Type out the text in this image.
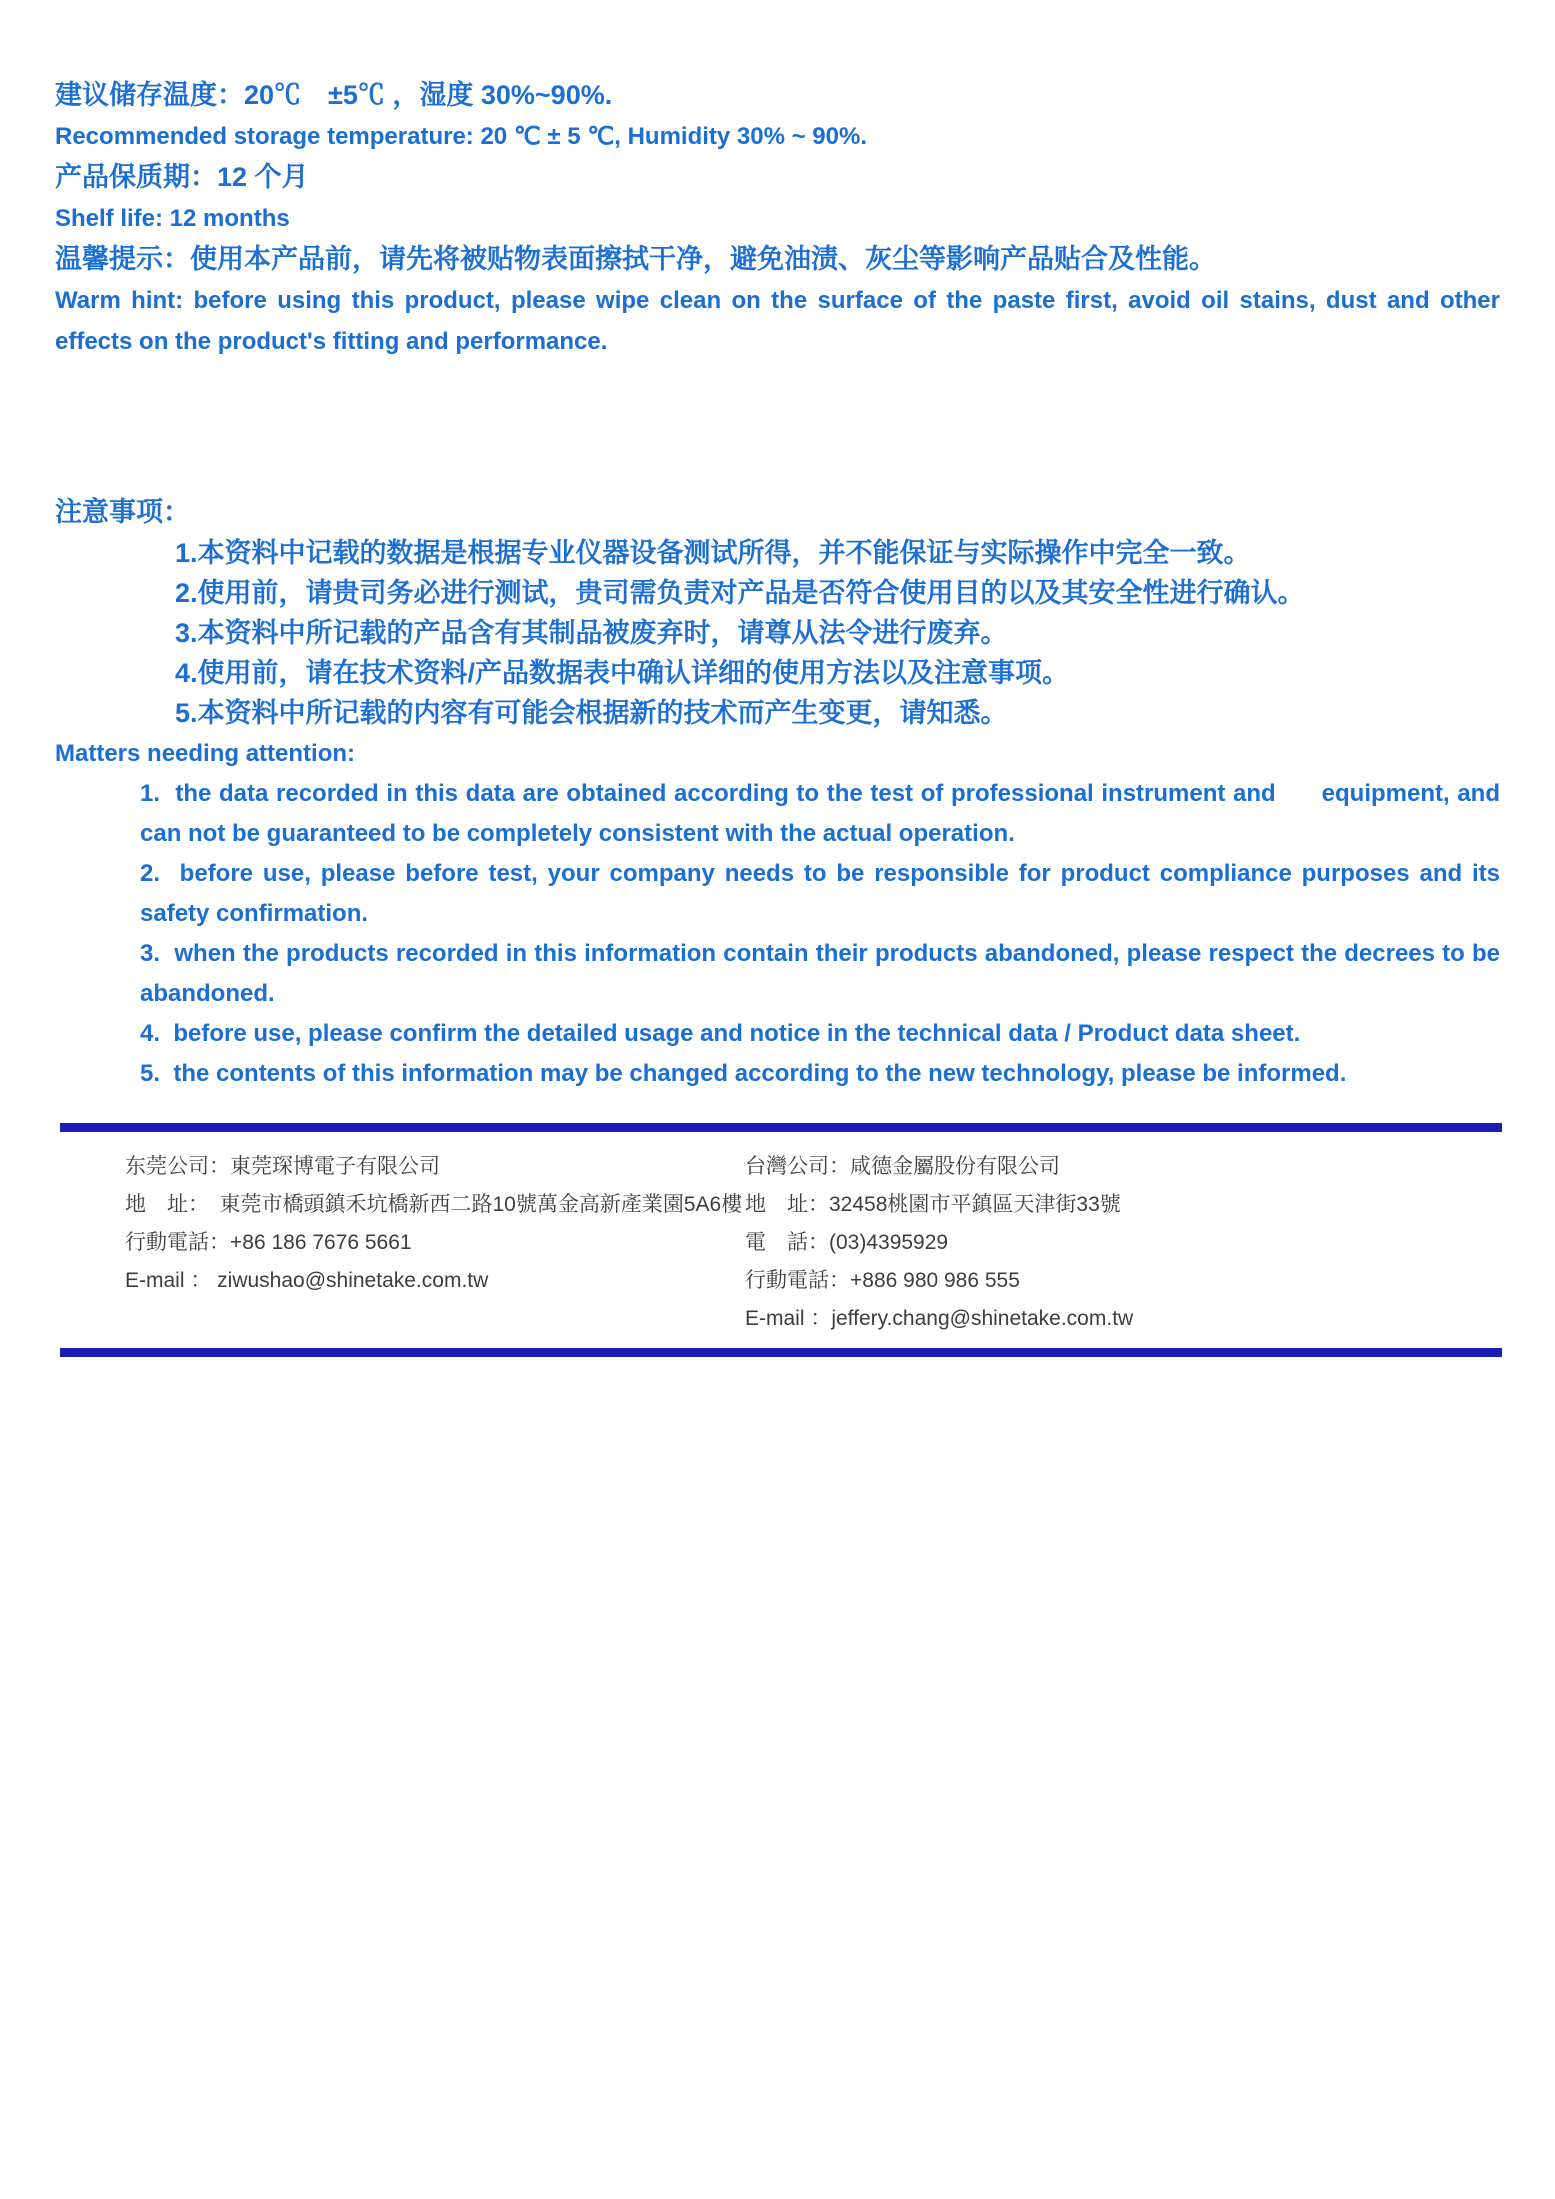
建议储存温度：20℃　±5℃ ，湿度 30%~90%.

Recommended storage temperature: 20 ℃ ± 5 ℃, Humidity 30% ~ 90%.

产品保质期：12 个月

Shelf life: 12 months

温馨提示：使用本产品前，请先将被贴物表面擦拭干净，避免油渍、灰尘等影响产品贴合及性能。

Warm hint: before using this product, please wipe clean on the surface of the paste first, avoid oil stains, dust and other effects on the product's fitting and performance.

注意事项：

1.本资料中记载的数据是根据专业仪器设备测试所得，并不能保证与实际操作中完全一致。

2.使用前，请贵司务必进行测试，贵司需负责对产品是否符合使用目的以及其安全性进行确认。

3.本资料中所记载的产品含有其制品被废弃时，请尊从法令进行废弃。

4.使用前，请在技术资料/产品数据表中确认详细的使用方法以及注意事项。

5.本资料中所记载的内容有可能会根据新的技术而产生变更，请知悉。

Matters needing attention:

1.  the data recorded in this data are obtained according to the test of professional instrument and      equipment, and can not be guaranteed to be completely consistent with the actual operation.

2.  before use, please before test, your company needs to be responsible for product compliance purposes and its safety confirmation.

3.  when the products recorded in this information contain their products abandoned, please respect the decrees to be abandoned.

4.  before use, please confirm the detailed usage and notice in the technical data / Product data sheet.

5.  the contents of this information may be changed according to the new technology, please be informed.

东莞公司：東莞琛博電子有限公司

地　址：　東莞市橋頭鎮禾坑橋新西二路10號萬金高新產業園5A6樓

行動電話：+86 186 7676 5661

E-mail ： ziwushao@shinetake.com.tw

台灣公司：咸德金屬股份有限公司

地　址：32458桃園市平鎮區天津街33號

電　話：(03)4395929

行動電話：+886 980 986 555

E-mail ：jeffery.chang@shinetake.com.tw
